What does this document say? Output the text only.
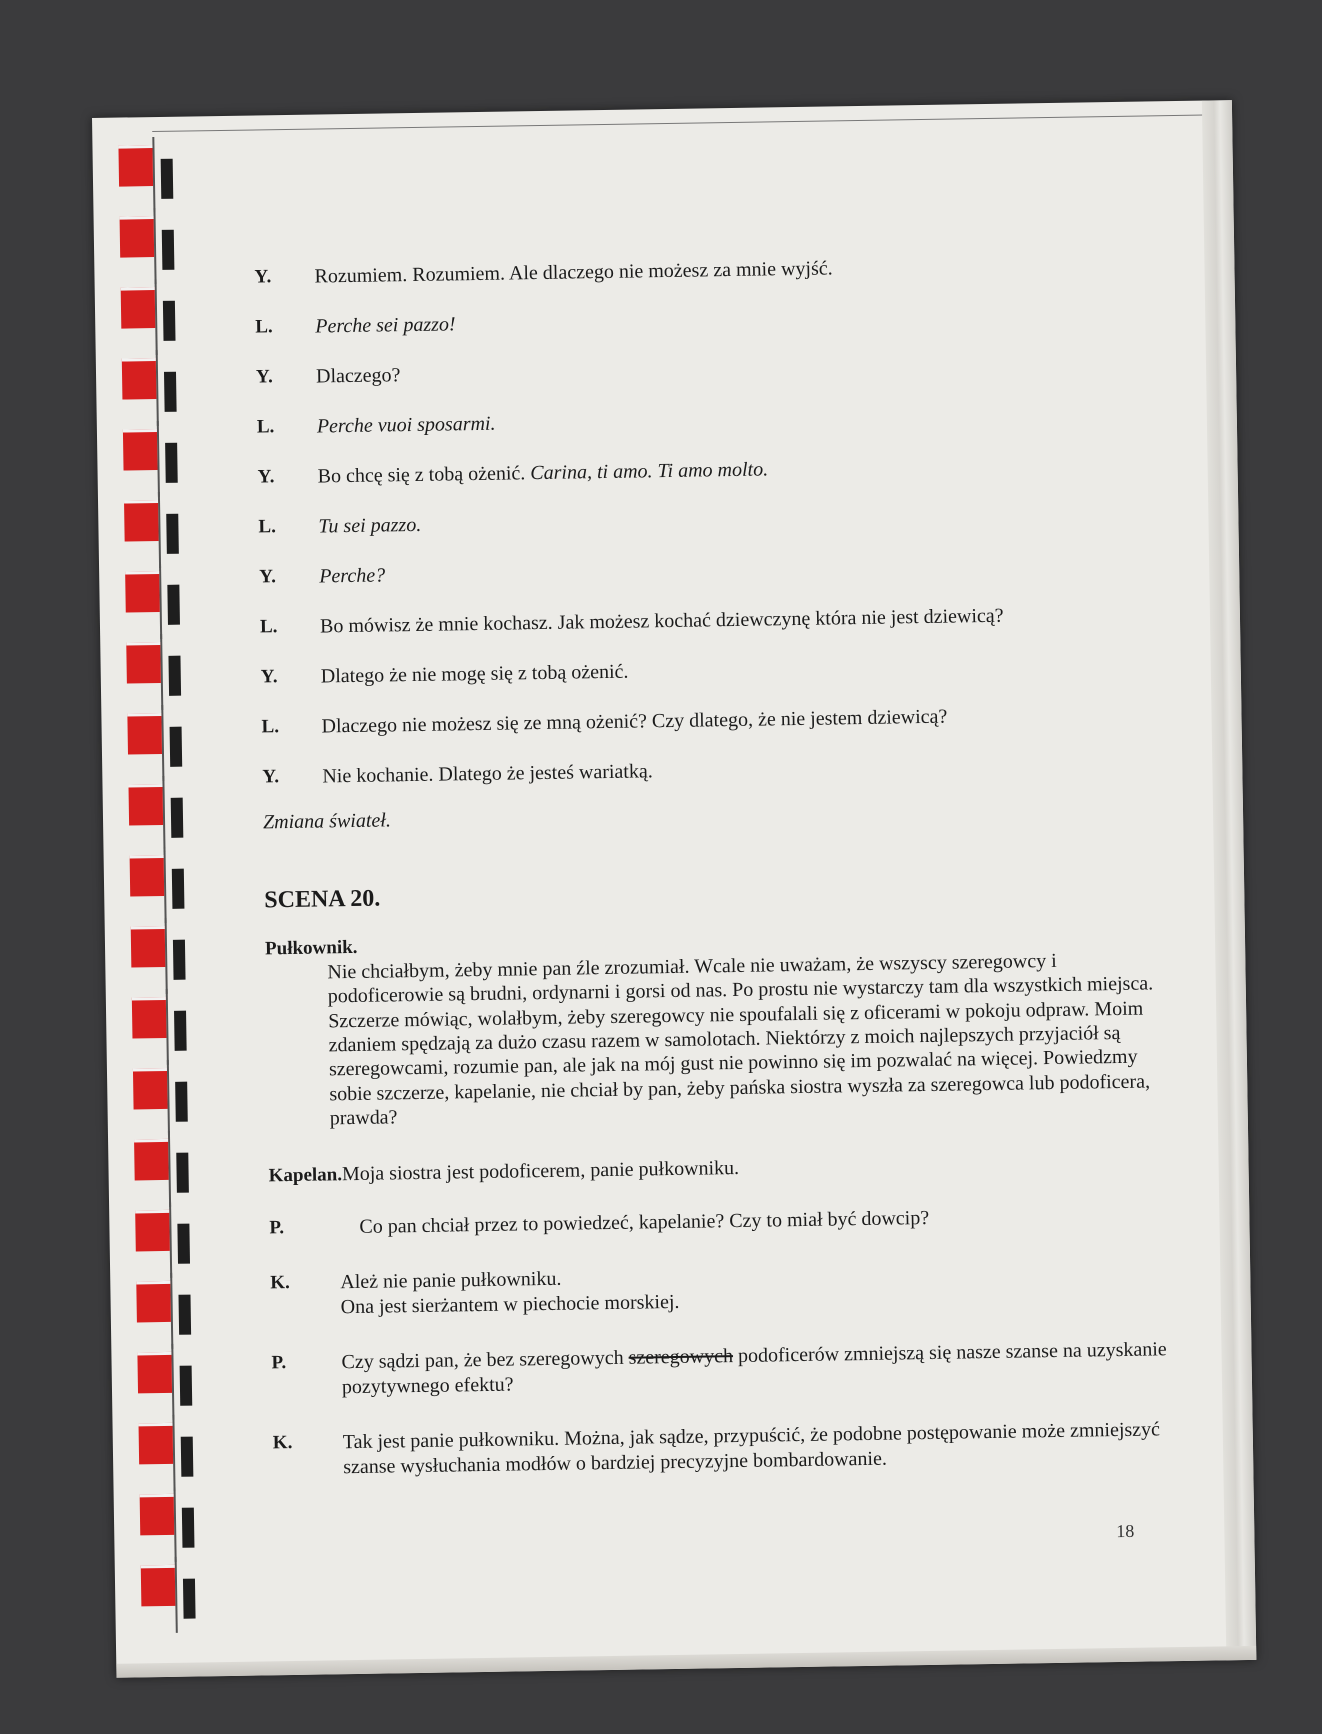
Y.	Rozumiem. Rozumiem. Ale dlaczego nie możesz za mnie wyjść.
L.	Perche sei pazzo!
Y.	Dlaczego?
L.	Perche vuoi sposarmi.
Y.	Bo chcę się z tobą ożenić. Carina, ti amo. Ti amo molto.
L.	Tu sei pazzo.
Y.	Perche?
L.	Bo mówisz że mnie kochasz. Jak możesz kochać dziewczynę która nie jest dziewicą?
Y.	Dlatego że nie mogę się z tobą ożenić.
L.	Dlaczego nie możesz się ze mną ożenić? Czy dlatego, że nie jestem dziewicą?
Y.	Nie kochanie. Dlatego że jesteś wariatką.
Zmiana świateł.
SCENA 20.
Pułkownik.
Nie chciałbym, żeby mnie pan źle zrozumiał. Wcale nie uważam, że wszyscy szeregowcy i podoficerowie są brudni, ordynarni i gorsi od nas. Po prostu nie wystarczy tam dla wszystkich miejsca. Szczerze mówiąc, wolałbym, żeby szeregowcy nie spoufalali się z oficerami w pokoju odpraw. Moim zdaniem spędzają za dużo czasu razem w samolotach. Niektórzy z moich najlepszych przyjaciół są szeregowcami, rozumie pan, ale jak na mój gust nie powinno się im pozwalać na więcej. Powiedzmy sobie szczerze, kapelanie, nie chciał by pan, żeby pańska siostra wyszła za szeregowca lub podoficera, prawda?
Kapelan.Moja siostra jest podoficerem, panie pułkowniku.
P.	Co pan chciał przez to powiedzeć, kapelanie? Czy to miał być dowcip?
K.	Ależ nie panie pułkowniku.
Ona jest sierżantem w piechocie morskiej.
P.	Czy sądzi pan, że bez szeregowych szeregowych podoficerów zmniejszą się nasze szanse na uzyskanie pozytywnego efektu?
K.	Tak jest panie pułkowniku. Można, jak sądze, przypuścić, że podobne postępowanie może zmniejszyć szanse wysłuchania modłów o bardziej precyzyjne bombardowanie.
18
